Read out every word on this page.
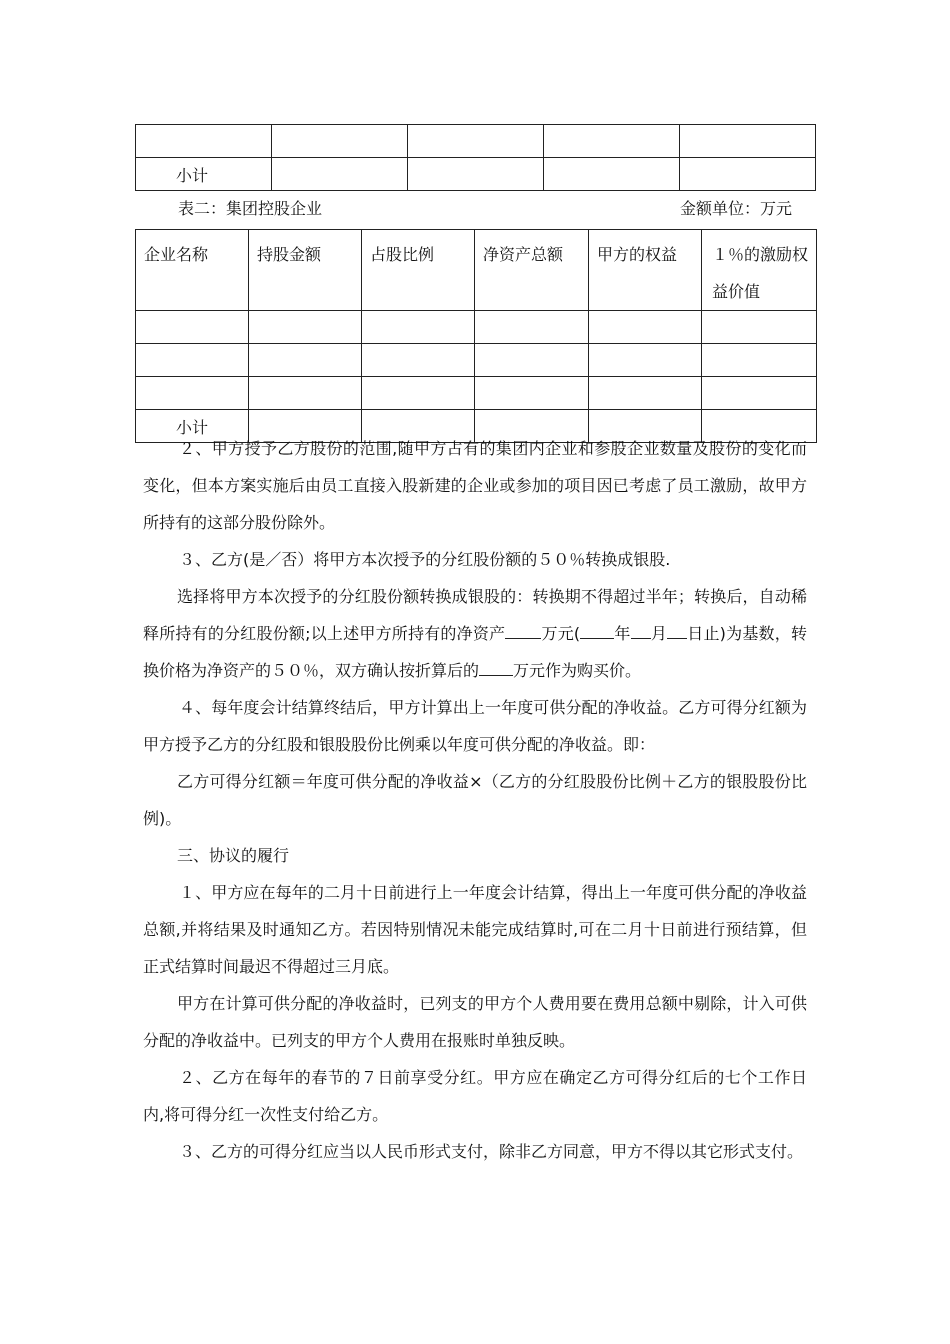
小计				
表二：集团控股企业	金额单位：万元
企业名称	持股金额	占股比例	净资产总额	甲方的权益	１％的激励权益价值

小计					
２、甲方授予乙方股份的范围,随甲方占有的集团内企业和参股企业数量及股份的变化而变化，但本方案实施后由员工直接入股新建的企业或参加的项目因已考虑了员工激励，故甲方所持有的这部分股份除外。
３、乙方(是／否）将甲方本次授予的分红股份额的５０％转换成银股.
选择将甲方本次授予的分红股份额转换成银股的：转换期不得超过半年；转换后，自动稀释所持有的分红股份额;以上述甲方所持有的净资产 万元( 年 月 日止)为基数，转换价格为净资产的５０％，双方确认按折算后的 万元作为购买价。
４、每年度会计结算终结后，甲方计算出上一年度可供分配的净收益。乙方可得分红额为甲方授予乙方的分红股和银股股份比例乘以年度可供分配的净收益。即：
乙方可得分红额＝年度可供分配的净收益×（乙方的分红股股份比例＋乙方的银股股份比例)。
三、协议的履行
１、甲方应在每年的二月十日前进行上一年度会计结算，得出上一年度可供分配的净收益总额,并将结果及时通知乙方。若因特别情况未能完成结算时,可在二月十日前进行预结算，但正式结算时间最迟不得超过三月底。
甲方在计算可供分配的净收益时，已列支的甲方个人费用要在费用总额中剔除，计入可供分配的净收益中。已列支的甲方个人费用在报账时单独反映。
２、乙方在每年的春节的７日前享受分红。甲方应在确定乙方可得分红后的七个工作日内,将可得分红一次性支付给乙方。
３、乙方的可得分红应当以人民币形式支付，除非乙方同意，甲方不得以其它形式支付。
